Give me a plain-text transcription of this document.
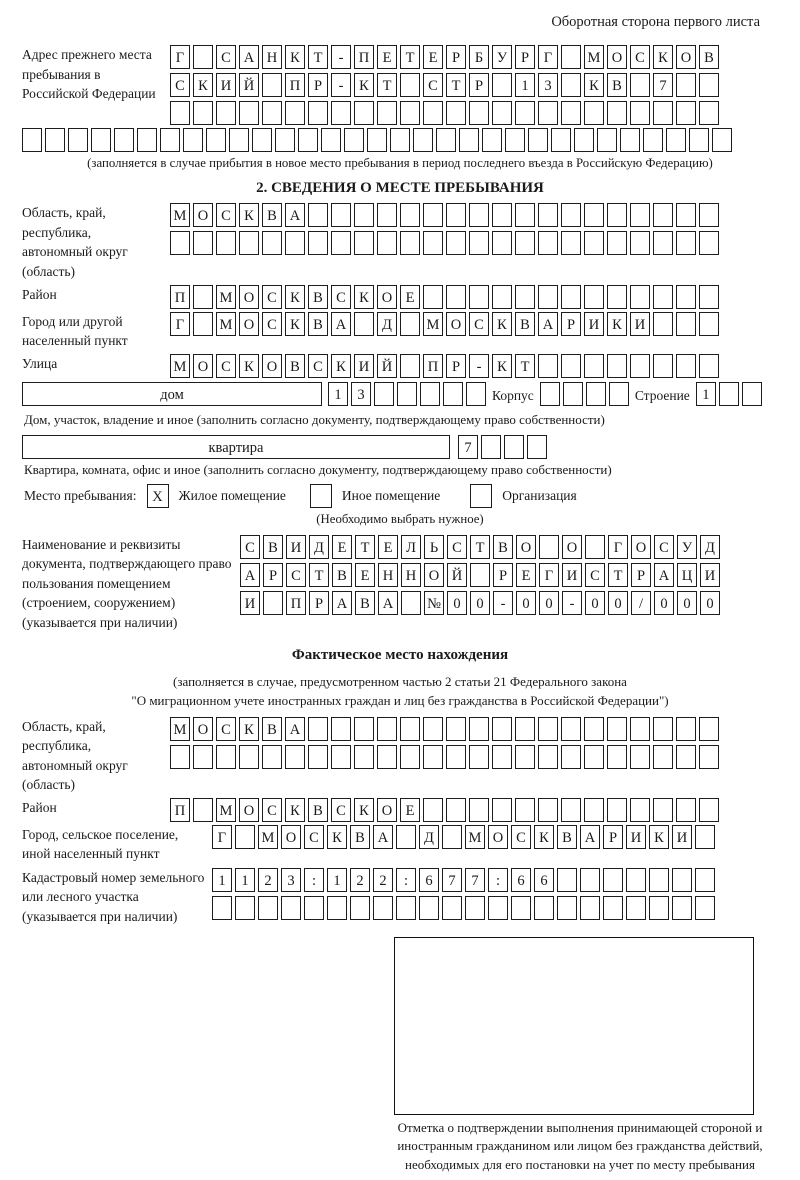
Оборотная сторона первого листа
Адрес прежнего места пребывания в Российской Федерации
Г	С А Н К Т	-	П Е Т Е	Р	Б У Р	Г	М О С К О В
С К И Й	П Р	-	К Т	С Т	Р	1	3	К В	7
(заполняется в случае прибытия в новое место пребывания в период последнего въезда в Российскую Федерацию)
2. СВЕДЕНИЯ О МЕСТЕ ПРЕБЫВАНИЯ
Область, край, республика, автономный округ (область)
М О С К В А
Район	П	М О С К В С К О Е
Город или другой населенный пункт
Г	М О С К В А	Д	М О С К В А Р И К И
Улица	М О С К О В С К И Й	П Р	-	К Т
дом	1	3	Корпус	Строение 1
Дом, участок, владение и иное (заполнить согласно документу, подтверждающему право собственности)
квартира	7
Квартира, комната, офис и иное (заполнить согласно документу, подтверждающему право собственности)
Место пребывания:	X	Жилое помещение	Иное помещение	Организация
(Необходимо выбрать нужное)
Наименование и реквизиты документа, подтверждающего право пользования помещением (строением, сооружением) (указывается при наличии)
С В И Д Е Т Е Л Ь С Т В О	О	Г О С У Д
А Р С Т В Е Н Н О Й	Р	Е Г И С Т	Р А Ц И
И	П Р А В А	№ 0	0	-	0	0	-	0	0	/	0	0	0
Фактическое место нахождения
(заполняется в случае, предусмотренном частью 2 статьи 21 Федерального закона
"О миграционном учете иностранных граждан и лиц без гражданства в Российской Федерации")
Область, край, республика, автономный округ (область)
М О С К В А
Район	П	М О С К В С К О Е
Город, сельское поселение, иной населенный пункт
Г	М О С К В А	Д	М О С К В А Р И К И
Кадастровый номер земельного или лесного участка (указывается при наличии)
1	1	2	3	:	1	2	2	:	6	7	7	:	6	6
Отметка о подтверждении выполнения принимающей стороной и иностранным гражданином или лицом без гражданства действий, необходимых для его постановки на учет по месту пребывания
